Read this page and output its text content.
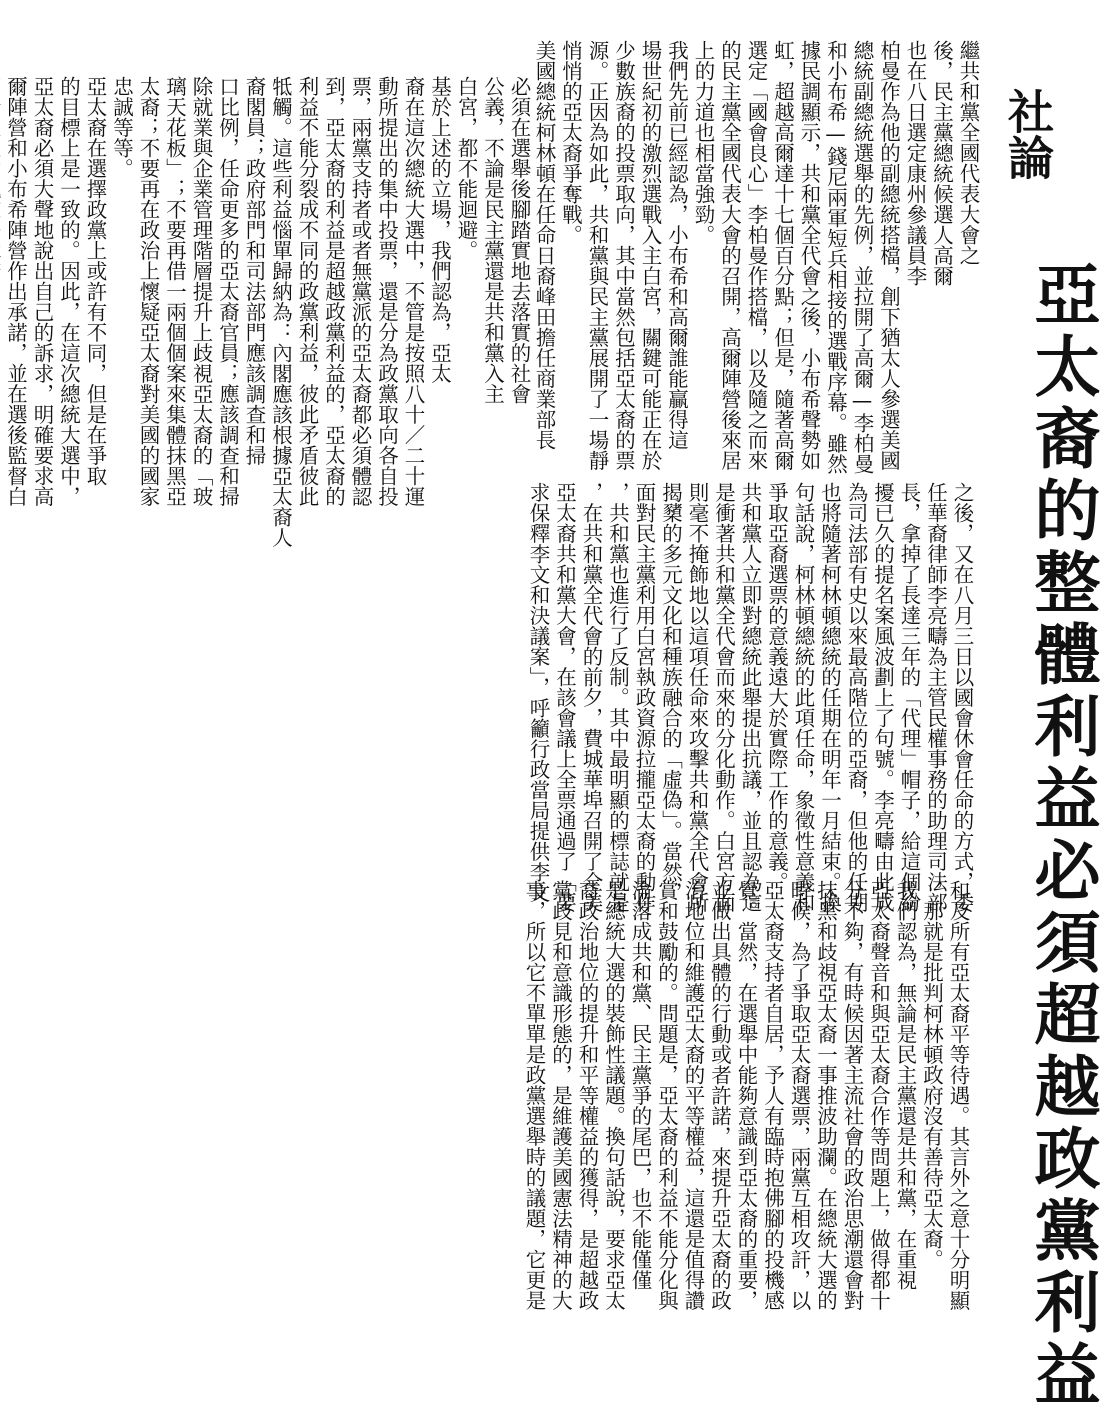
社論
亞太裔的整體利益必須超越政黨利益
繼共和黨全國代表大會之
後，民主黨總統候選人高爾
也在八日選定康州參議員李
柏曼作為他的副總統搭檔，創下猶太人參選美國
總統副總統選舉的先例，並拉開了高爾—李柏曼
和小布希—錢尼兩軍短兵相接的選戰序幕。雖然
據民調顯示，共和黨全代會之後，小布希聲勢如
虹，超越高爾達十七個百分點；但是，隨著高爾
選定「國會良心」李柏曼作搭檔，以及隨之而來
的民主黨全國代表大會的召開，高爾陣營後來居
上的力道也相當強勁。
我們先前已經認為，小布希和高爾誰能贏得這
場世紀初的激烈選戰入主白宮，關鍵可能正在於
少數族裔的投票取向，其中當然包括亞太裔的票
源。正因為如此，共和黨與民主黨展開了一場靜
悄悄的亞太裔爭奪戰。
美國總統柯林頓在任命日裔峰田擔任商業部長
之後，又在八月三日以國會休會任命的方式，委
任華裔律師李亮疇為主管民權事務的助理司法部
長，拿掉了長達三年的「代理」帽子，給這個紛
擾已久的提名案風波劃上了句號。李亮疇由此成
為司法部有史以來最高階位的亞裔，但他的任期
也將隨著柯林頓總統的任期在明年一月結束。換
句話說，柯林頓總統的此項任命，象徵性意義和
爭取亞裔選票的意義遠大於實際工作的意義。
共和黨人立即對總統此舉提出抗議，並且認為這
是衝著共和黨全代會而來的分化動作。白宮方面
則毫不掩飾地以這項任命來攻擊共和黨全代會所
揭櫫的多元文化和種族融合的「虛偽」。當然，
面對民主黨利用白宮執政資源拉攏亞太裔的動作
，共和黨也進行了反制。其中最明顯的標誌就是
，在共和黨全代會的前夕，費城華埠召開了全美
亞太裔共和黨大會，在該會議上全票通過了「要
求保釋李文和決議案」，呼籲行政當局提供李文
和及所有亞太裔平等待遇。其言外之意十分明顯
，那就是批判柯林頓政府沒有善待亞太裔。
我們認為，無論是民主黨還是共和黨，在重視
亞太裔聲音和與亞太裔合作等問題上，做得都十
分不夠，有時候因著主流社會的政治思潮還會對
抹黑和歧視亞太裔一事推波助瀾。在總統大選的
時候，為了爭取亞太裔選票，兩黨互相攻訐，以
亞太裔支持者自居，予人有臨時抱佛腳的投機感
覺。當然，在選舉中能夠意識到亞太裔的重要，
並做出具體的行動或者許諾，來提升亞太裔的政
治地位和維護亞太裔的平等權益，這還是值得讚
賞和鼓勵的。問題是，亞太裔的利益不能分化與
淪落成共和黨、民主黨爭的尾巴，也不能僅僅
是總統大選的裝飾性議題。換句話說，要求亞太
裔政治地位的提升和平等權益的獲得，是超越政
黨歧見和意識形態的，是維護美國憲法精神的大
事，所以它不單單是政黨選舉時的議題，它更是
必須在選舉後腳踏實地去落實的社會
公義，不論是民主黨還是共和黨入主
白宮，都不能迴避。
基於上述的立場，我們認為，亞太
裔在這次總統大選中，不管是按照八十／二十運
動所提出的集中投票，還是分為政黨取向各自投
票，兩黨支持者或者無黨派的亞太裔都必須體認
到，亞太裔的利益是超越政黨利益的，亞太裔的
利益不能分裂成不同的政黨利益，彼此矛盾彼此
牴觸。這些利益惱單歸納為：內閣應該根據亞太裔人
裔閣員；政府部門和司法部門應該調查和掃
口比例，任命更多的亞太裔官員；應該調查和掃
除就業與企業管理階層提升上歧視亞太裔的「玻
璃天花板」；不要再借一兩個個案來集體抹黑亞
太裔；不要再在政治上懷疑亞太裔對美國的國家
忠誠等等。
亞太裔在選擇政黨上或許有不同，但是在爭取
的目標上是一致的。因此，在這次總統大選中，
亞太裔必須大聲地說出自己的訴求，明確要求高
爾陣營和小布希陣營作出承諾，並在選後監督白
